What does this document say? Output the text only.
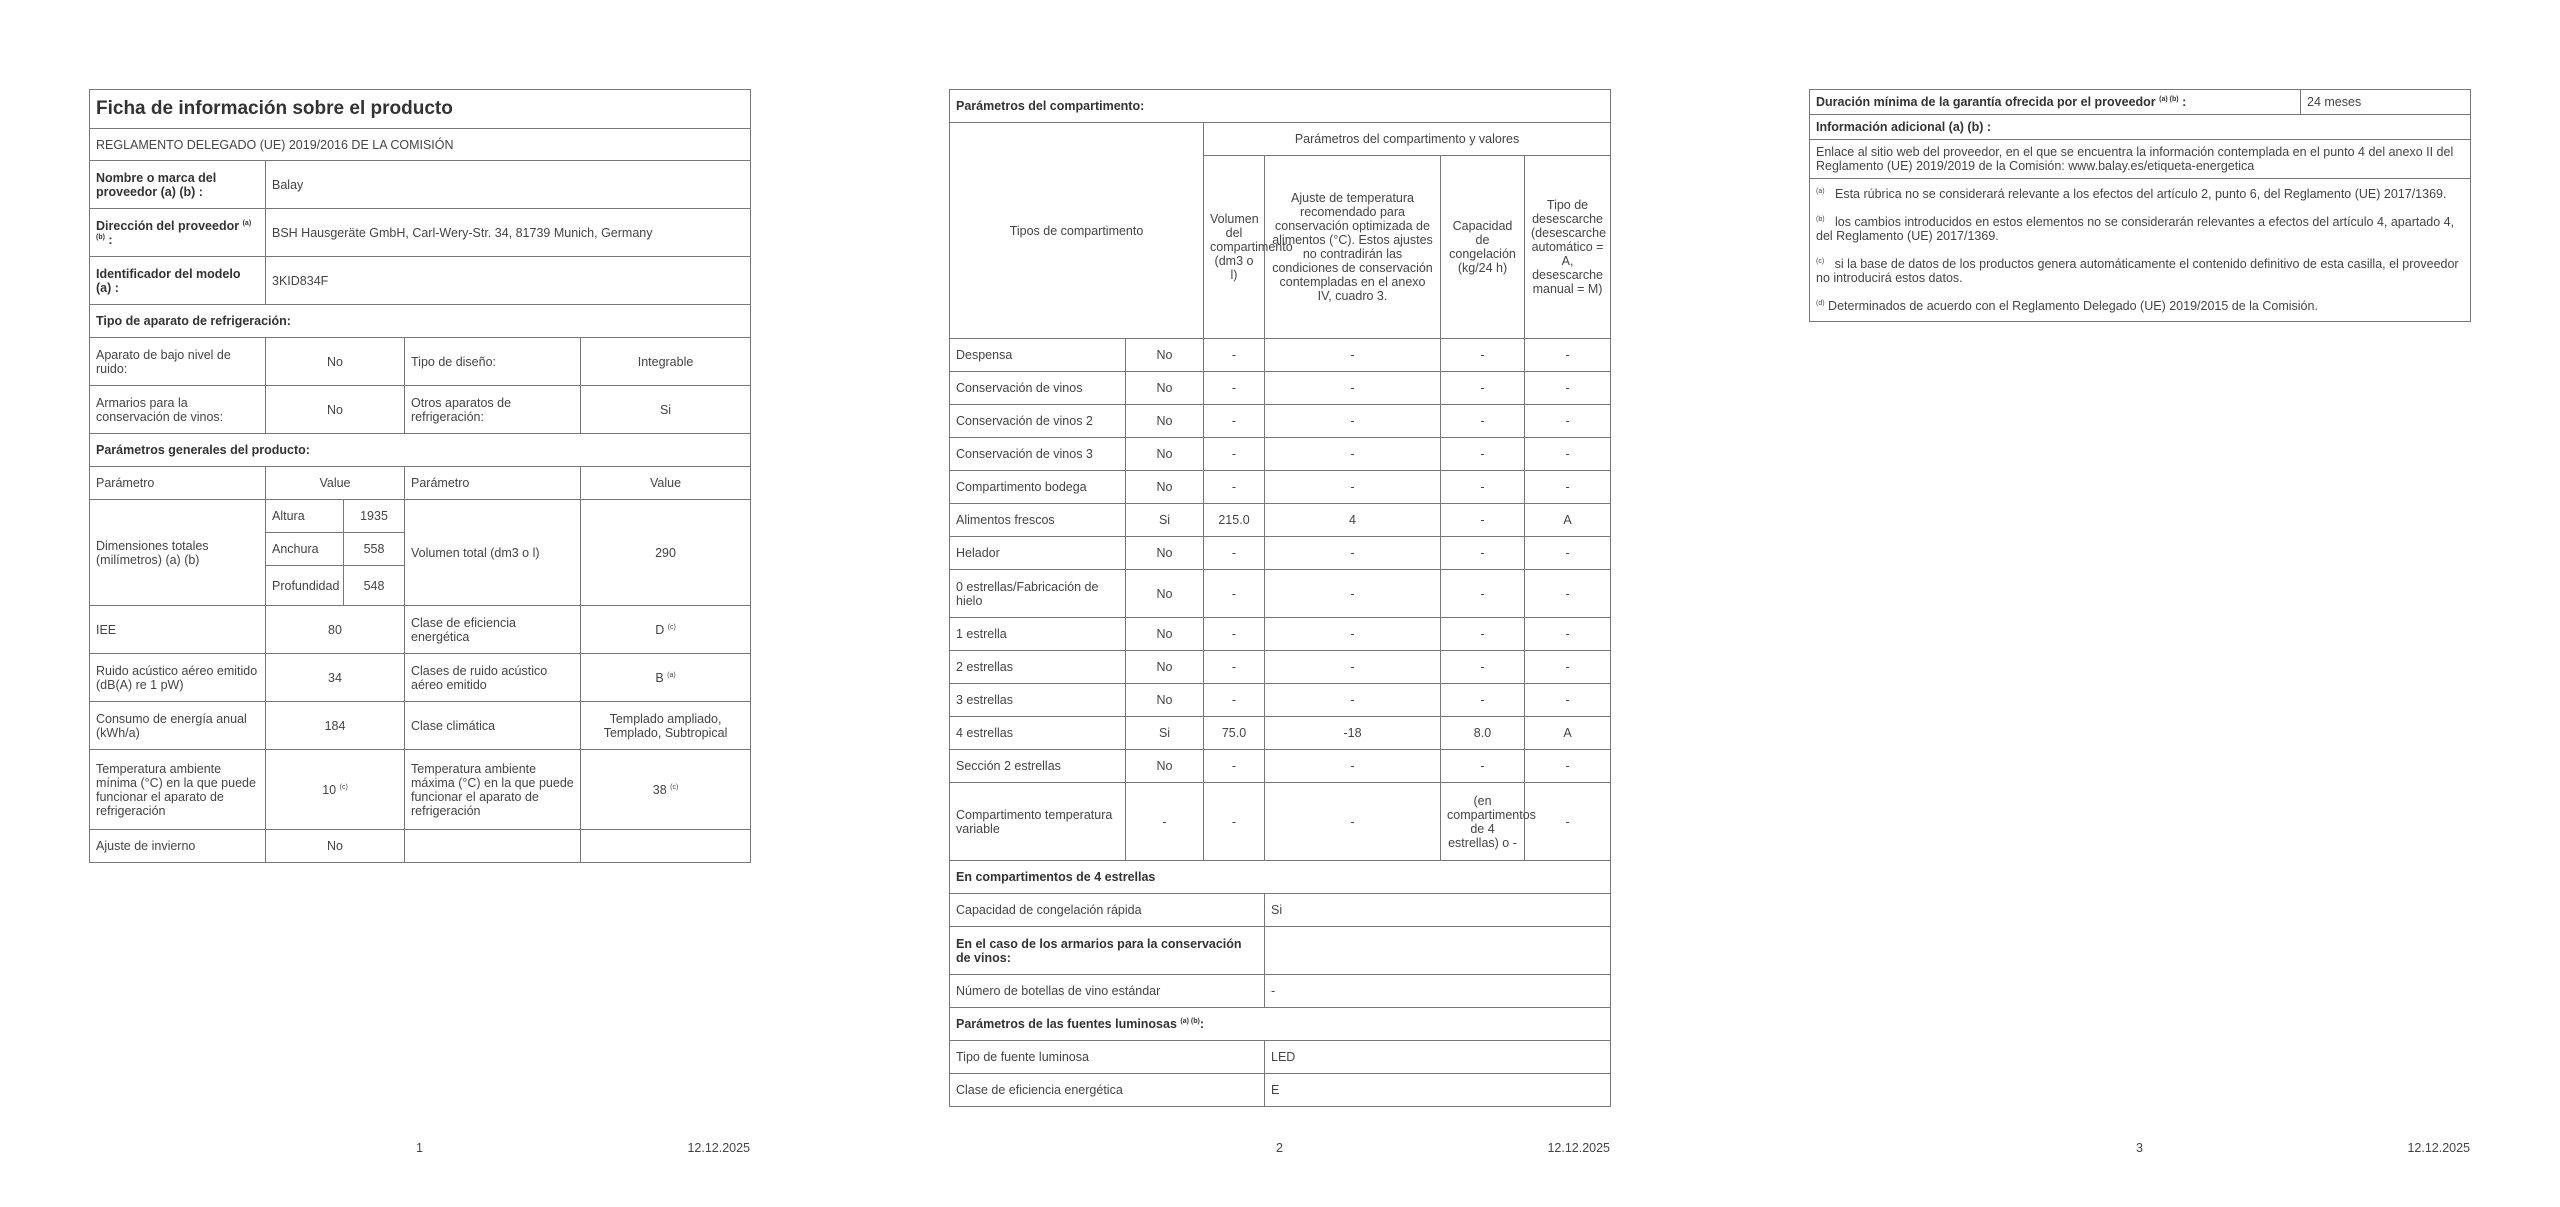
Ficha de información sobre el producto				
REGLAMENTO DELEGADO (UE) 2019/2016 DE LA COMISIÓN				
Nombre o marca del proveedor (a) (b) :	Balay			
Dirección del proveedor $^{(a) (b)}$ :	BSH Hausgeräte GmbH, Carl-Wery-Str. 34, 81739 Munich, Germany			
Identificador del modelo (a) :	3KID834F			
Tipo de aparato de refrigeración:				
Aparato de bajo nivel de ruido:	No		Tipo de diseño:	Integrable
Armarios para la conservación de vinos:	No		Otros aparatos de refrigeración:	Si
Parámetros generales del producto:				
Parámetro	Value		Parámetro	Value
Dimensiones totales (milímetros) (a) (b)	Altura	1935	Volumen total (dm3 o l)	290
	Anchura	558		
	Profundidad	548		
IEE	80		Clase de eficiencia energética	D $^{(c)}$
Ruido acústico aéreo emitido (dB(A) re 1 pW)	34		Clases de ruido acústico aéreo emitido	B $^{(a)}$
Consumo de energía anual (kWh/a)	184		Clase climática	Templado ampliado, Templado, Subtropical
Temperatura ambiente mínima (°C) en la que puede funcionar el aparato de refrigeración	10 $^{(c)}$		Temperatura ambiente máxima (°C) en la que puede funcionar el aparato de refrigeración	38 $^{(c)}$
Ajuste de invierno	No			
Parámetros del compartimento:					
Tipos de compartimento		Parámetros del compartimento y valores			
		Volumen del compartimento (dm3 o l)	Ajuste de temperatura recomendado para conservación optimizada de alimentos (°C). Estos ajustes no contradirán las condiciones de conservación contempladas en el anexo IV, cuadro 3.	Capacidad de congelación (kg/24 h)	Tipo de desescarche (desescarche automático = A, desescarche manual = M)
Despensa	No	-	-	-	-
Conservación de vinos	No	-	-	-	-
Conservación de vinos 2	No	-	-	-	-
Conservación de vinos 3	No	-	-	-	-
Compartimento bodega	No	-	-	-	-
Alimentos frescos	Si	215.0	4	-	A
Helador	No	-	-	-	-
0 estrellas/Fabricación de hielo	No	-	-	-	-
1 estrella	No	-	-	-	-
2 estrellas	No	-	-	-	-
3 estrellas	No	-	-	-	-
4 estrellas	Si	75.0	-18	8.0	A
Sección 2 estrellas	No	-	-	-	-
Compartimento temperatura variable	-	-	-	(en compartimentos de 4 estrellas) o -	-
En compartimentos de 4 estrellas					
Capacidad de congelación rápida			Si		
En el caso de los armarios para la conservación de vinos:					
Número de botellas de vino estándar			-		
Parámetros de las fuentes luminosas $^{(a) (b)}$:					
Tipo de fuente luminosa			LED		
Clase de eficiencia energética			E		
Duración mínima de la garantía ofrecida por el proveedor $^{(a) (b)}$ :	24 meses
Información adicional (a) (b) :
Enlace al sitio web del proveedor, en el que se encuentra la información contemplada en el punto 4 del anexo II del Reglamento (UE) 2019/2019 de la Comisión: www.balay.es/etiqueta-energetica

$^{(a)}$ Esta rúbrica no se considerará relevante a los efectos del artículo 2, punto 6, del Reglamento (UE) 2017/1369.

$^{(b)}$ los cambios introducidos en estos elementos no se considerarán relevantes a efectos del artículo 4, apartado 4, del Reglamento (UE) 2017/1369.

$^{(c)}$ si la base de datos de los productos genera automáticamente el contenido definitivo de esta casilla, el proveedor no introducirá estos datos.

$^{(d)}$ Determinados de acuerdo con el Reglamento Delegado (UE) 2019/2015 de la Comisión.

1	12.12.2025	2	12.12.2025	3	12.12.2025
